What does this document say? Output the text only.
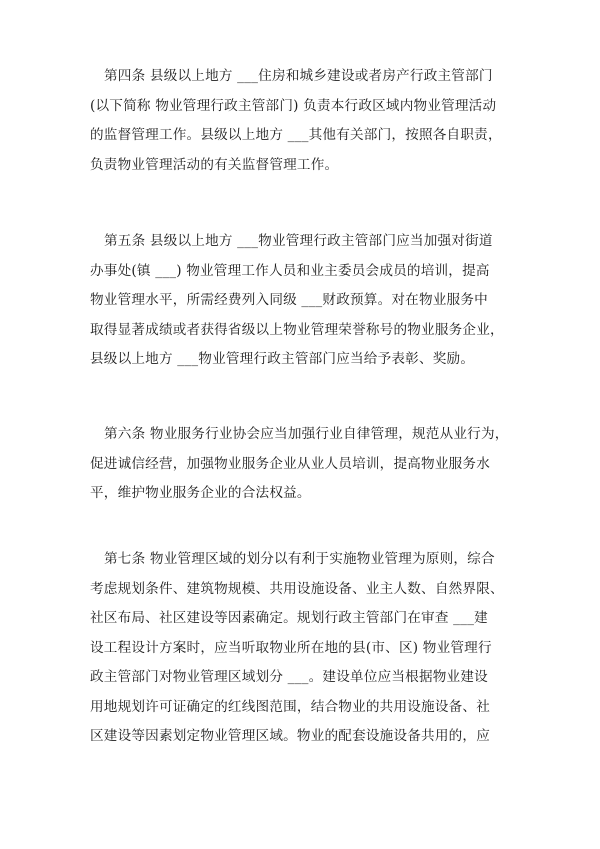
第四条 县级以上地方 ___住房和城乡建设或者房产行政主管部门
(以下简称 物业管理行政主管部门) 负责本行政区域内物业管理活动
的监督管理工作。县级以上地方 ___其他有关部门，按照各自职责，
负责物业管理活动的有关监督管理工作。
第五条 县级以上地方 ___物业管理行政主管部门应当加强对街道
办事处(镇 ___) 物业管理工作人员和业主委员会成员的培训，提高
物业管理水平，所需经费列入同级 ___财政预算。对在物业服务中
取得显著成绩或者获得省级以上物业管理荣誉称号的物业服务企业，
县级以上地方 ___物业管理行政主管部门应当给予表彰、奖励。
第六条 物业服务行业协会应当加强行业自律管理，规范从业行为，
促进诚信经营，加强物业服务企业从业人员培训，提高物业服务水
平，维护物业服务企业的合法权益。
第七条 物业管理区域的划分以有利于实施物业管理为原则，综合
考虑规划条件、建筑物规模、共用设施设备、业主人数、自然界限、
社区布局、社区建设等因素确定。规划行政主管部门在审查 ___建
设工程设计方案时，应当听取物业所在地的县(市、区) 物业管理行
政主管部门对物业管理区域划分 ___。建设单位应当根据物业建设
用地规划许可证确定的红线图范围，结合物业的共用设施设备、社
区建设等因素划定物业管理区域。物业的配套设施设备共用的，应
